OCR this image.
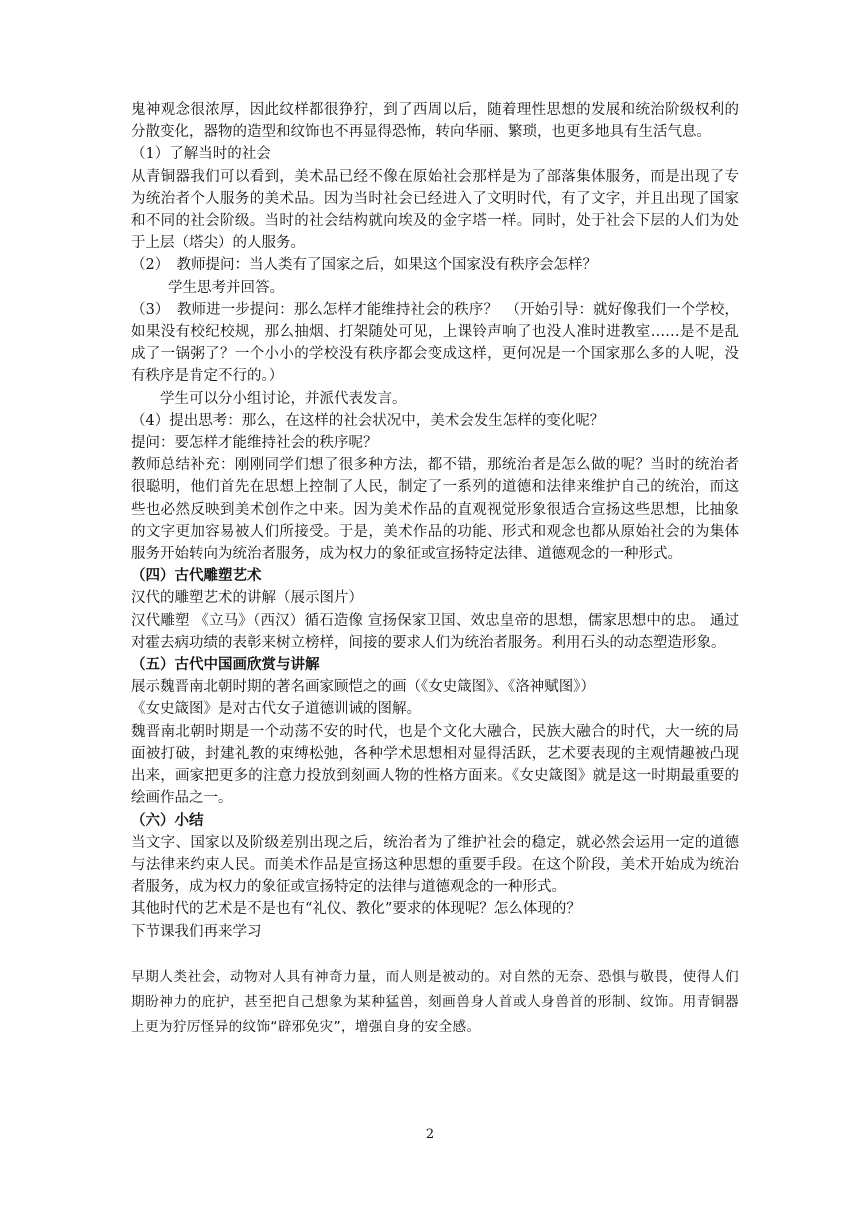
鬼神观念很浓厚，因此纹样都很狰狞，到了西周以后，随着理性思想的发展和统治阶级权利的分散变化，器物的造型和纹饰也不再显得恐怖，转向华丽、繁琐，也更多地具有生活气息。

（1）了解当时的社会

从青铜器我们可以看到，美术品已经不像在原始社会那样是为了部落集体服务，而是出现了专为统治者个人服务的美术品。因为当时社会已经进入了文明时代，有了文字，并且出现了国家和不同的社会阶级。当时的社会结构就向埃及的金字塔一样。同时，处于社会下层的人们为处于上层（塔尖）的人服务。

（2）　教师提问：当人类有了国家之后，如果这个国家没有秩序会怎样？

学生思考并回答。

（3）　教师进一步提问：那么怎样才能维持社会的秩序？　（开始引导：就好像我们一个学校，如果没有校纪校规，那么抽烟、打架随处可见，上课铃声响了也没人准时进教室……是不是乱成了一锅粥了？一个小小的学校没有秩序都会变成这样，更何况是一个国家那么多的人呢，没有秩序是肯定不行的。）

学生可以分小组讨论，并派代表发言。

（4）提出思考：那么，在这样的社会状况中，美术会发生怎样的变化呢？

提问：要怎样才能维持社会的秩序呢？

教师总结补充：刚刚同学们想了很多种方法，都不错，那统治者是怎么做的呢？当时的统治者很聪明，他们首先在思想上控制了人民，制定了一系列的道德和法律来维护自己的统治，而这些也必然反映到美术创作之中来。因为美术作品的直观视觉形象很适合宣扬这些思想，比抽象的文字更加容易被人们所接受。于是，美术作品的功能、形式和观念也都从原始社会的为集体服务开始转向为统治者服务，成为权力的象征或宣扬特定法律、道德观念的一种形式。

（四）古代雕塑艺术

汉代的雕塑艺术的讲解（展示图片）

汉代雕塑 《立马》（西汉）循石造像 宣扬保家卫国、效忠皇帝的思想，儒家思想中的忠。 通过对霍去病功绩的表彰来树立榜样，间接的要求人们为统治者服务。利用石头的动态塑造形象。

（五）古代中国画欣赏与讲解

展示魏晋南北朝时期的著名画家顾恺之的画（《女史箴图》、《洛神赋图》）

《女史箴图》是对古代女子道德训诫的图解。

魏晋南北朝时期是一个动荡不安的时代，也是个文化大融合，民族大融合的时代，大一统的局面被打破，封建礼教的束缚松弛，各种学术思想相对显得活跃，艺术要表现的主观情趣被凸现出来，画家把更多的注意力投放到刻画人物的性格方面来。《女史箴图》就是这一时期最重要的绘画作品之一。

（六）小结

当文字、国家以及阶级差别出现之后，统治者为了维护社会的稳定，就必然会运用一定的道德与法律来约束人民。而美术作品是宣扬这种思想的重要手段。在这个阶段，美术开始成为统治者服务，成为权力的象征或宣扬特定的法律与道德观念的一种形式。

其他时代的艺术是不是也有“礼仪、教化”要求的体现呢？怎么体现的？

下节课我们再来学习

早期人类社会，动物对人具有神奇力量，而人则是被动的。对自然的无奈、恐惧与敬畏，使得人们期盼神力的庇护，甚至把自己想象为某种猛兽，刻画兽身人首或人身兽首的形制、纹饰。用青铜器上更为狞厉怪异的纹饰“辟邪免灾”，增强自身的安全感。

2
